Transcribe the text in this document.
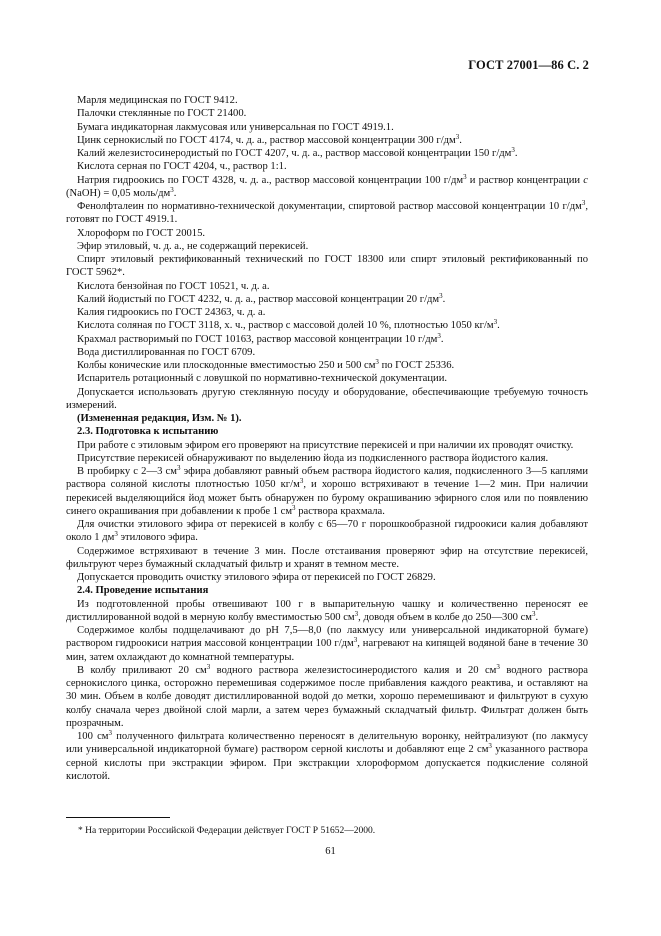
ГОСТ 27001—86 С. 2

Марля медицинская по ГОСТ 9412.

Палочки стеклянные по ГОСТ 21400.

Бумага индикаторная лакмусовая или универсальная по ГОСТ 4919.1.

Цинк сернокислый по ГОСТ 4174, ч. д. а., раствор массовой концентрации 300 $г/дм^3$.

Калий железистосинеродистый по ГОСТ 4207, ч. д. а., раствор массовой концентрации 150 $г/дм^3$.

Кислота серная по ГОСТ 4204, ч., раствор 1:1.

Натрия гидроокись по ГОСТ 4328, ч. д. а., раствор массовой концентрации 100 $г/дм^3$ и раствор концентрации с (NaOH) = 0,05 моль/$дм^3$.

Фенолфталеин по нормативно-технической документации, спиртовой раствор массовой концентрации 10 $г/дм^3$, готовят по ГОСТ 4919.1.

Хлороформ по ГОСТ 20015.

Эфир этиловый, ч. д. а., не содержащий перекисей.

Спирт этиловый ректификованный технический по ГОСТ 18300 или спирт этиловый ректификованный по ГОСТ 5962*.

Кислота бензойная по ГОСТ 10521, ч. д. а.

Калий йодистый по ГОСТ 4232, ч. д. а., раствор массовой концентрации 20 $г/дм^3$.

Калия гидроокись по ГОСТ 24363, ч. д. а.

Кислота соляная по ГОСТ 3118, х. ч., раствор с массовой долей 10 %, плотностью 1050 $кг/м^3$.

Крахмал растворимый по ГОСТ 10163, раствор массовой концентрации 10 $г/дм^3$.

Вода дистиллированная по ГОСТ 6709.

Колбы конические или плоскодонные вместимостью 250 и 500 $см^3$ по ГОСТ 25336.

Испаритель ротационный с ловушкой по нормативно-технической документации.

Допускается использовать другую стеклянную посуду и оборудование, обеспечивающие требуемую точность измерений.

(Измененная редакция, Изм. № 1).

2.3. Подготовка к испытанию

При работе с этиловым эфиром его проверяют на присутствие перекисей и при наличии их проводят очистку.

Присутствие перекисей обнаруживают по выделению йода из подкисленного раствора йодистого калия.

В пробирку с 2—3 $см^3$ эфира добавляют равный объем раствора йодистого калия, подкисленного 3—5 каплями раствора соляной кислоты плотностью 1050 $кг/м^3$, и хорошо встряхивают в течение 1—2 мин. При наличии перекисей выделяющийся йод может быть обнаружен по бурому окрашиванию эфирного слоя или по появлению синего окрашивания при добавлении к пробе 1 $см^3$ раствора крахмала.

Для очистки этилового эфира от перекисей в колбу с 65—70 г порошкообразной гидроокиси калия добавляют около 1 $дм^3$ этилового эфира.

Содержимое встряхивают в течение 3 мин. После отстаивания проверяют эфир на отсутствие перекисей, фильтруют через бумажный складчатый фильтр и хранят в темном месте.

Допускается проводить очистку этилового эфира от перекисей по ГОСТ 26829.

2.4. Проведение испытания

Из подготовленной пробы отвешивают 100 г в выпарительную чашку и количественно переносят ее дистиллированной водой в мерную колбу вместимостью 500 $см^3$, доводя объем в колбе до 250—300 $см^3$.

Содержимое колбы подщелачивают до рН 7,5—8,0 (по лакмусу или универсальной индикаторной бумаге) раствором гидроокиси натрия массовой концентрации 100 $г/дм^3$, нагревают на кипящей водяной бане в течение 30 мин, затем охлаждают до комнатной температуры.

В колбу приливают 20 $см^3$ водного раствора железистосинеродистого калия и 20 $см^3$ водного раствора сернокислого цинка, осторожно перемешивая содержимое после прибавления каждого реактива, и оставляют на 30 мин. Объем в колбе доводят дистиллированной водой до метки, хорошо перемешивают и фильтруют в сухую колбу сначала через двойной слой марли, а затем через бумажный складчатый фильтр. Фильтрат должен быть прозрачным.

100 $см^3$ полученного фильтрата количественно переносят в делительную воронку, нейтрализуют (по лакмусу или универсальной индикаторной бумаге) раствором серной кислоты и добавляют еще 2 $см^3$ указанного раствора серной кислоты при экстракции эфиром. При экстракции хлороформом допускается подкисление соляной кислотой.

* На территории Российской Федерации действует ГОСТ Р 51652—2000.
61
